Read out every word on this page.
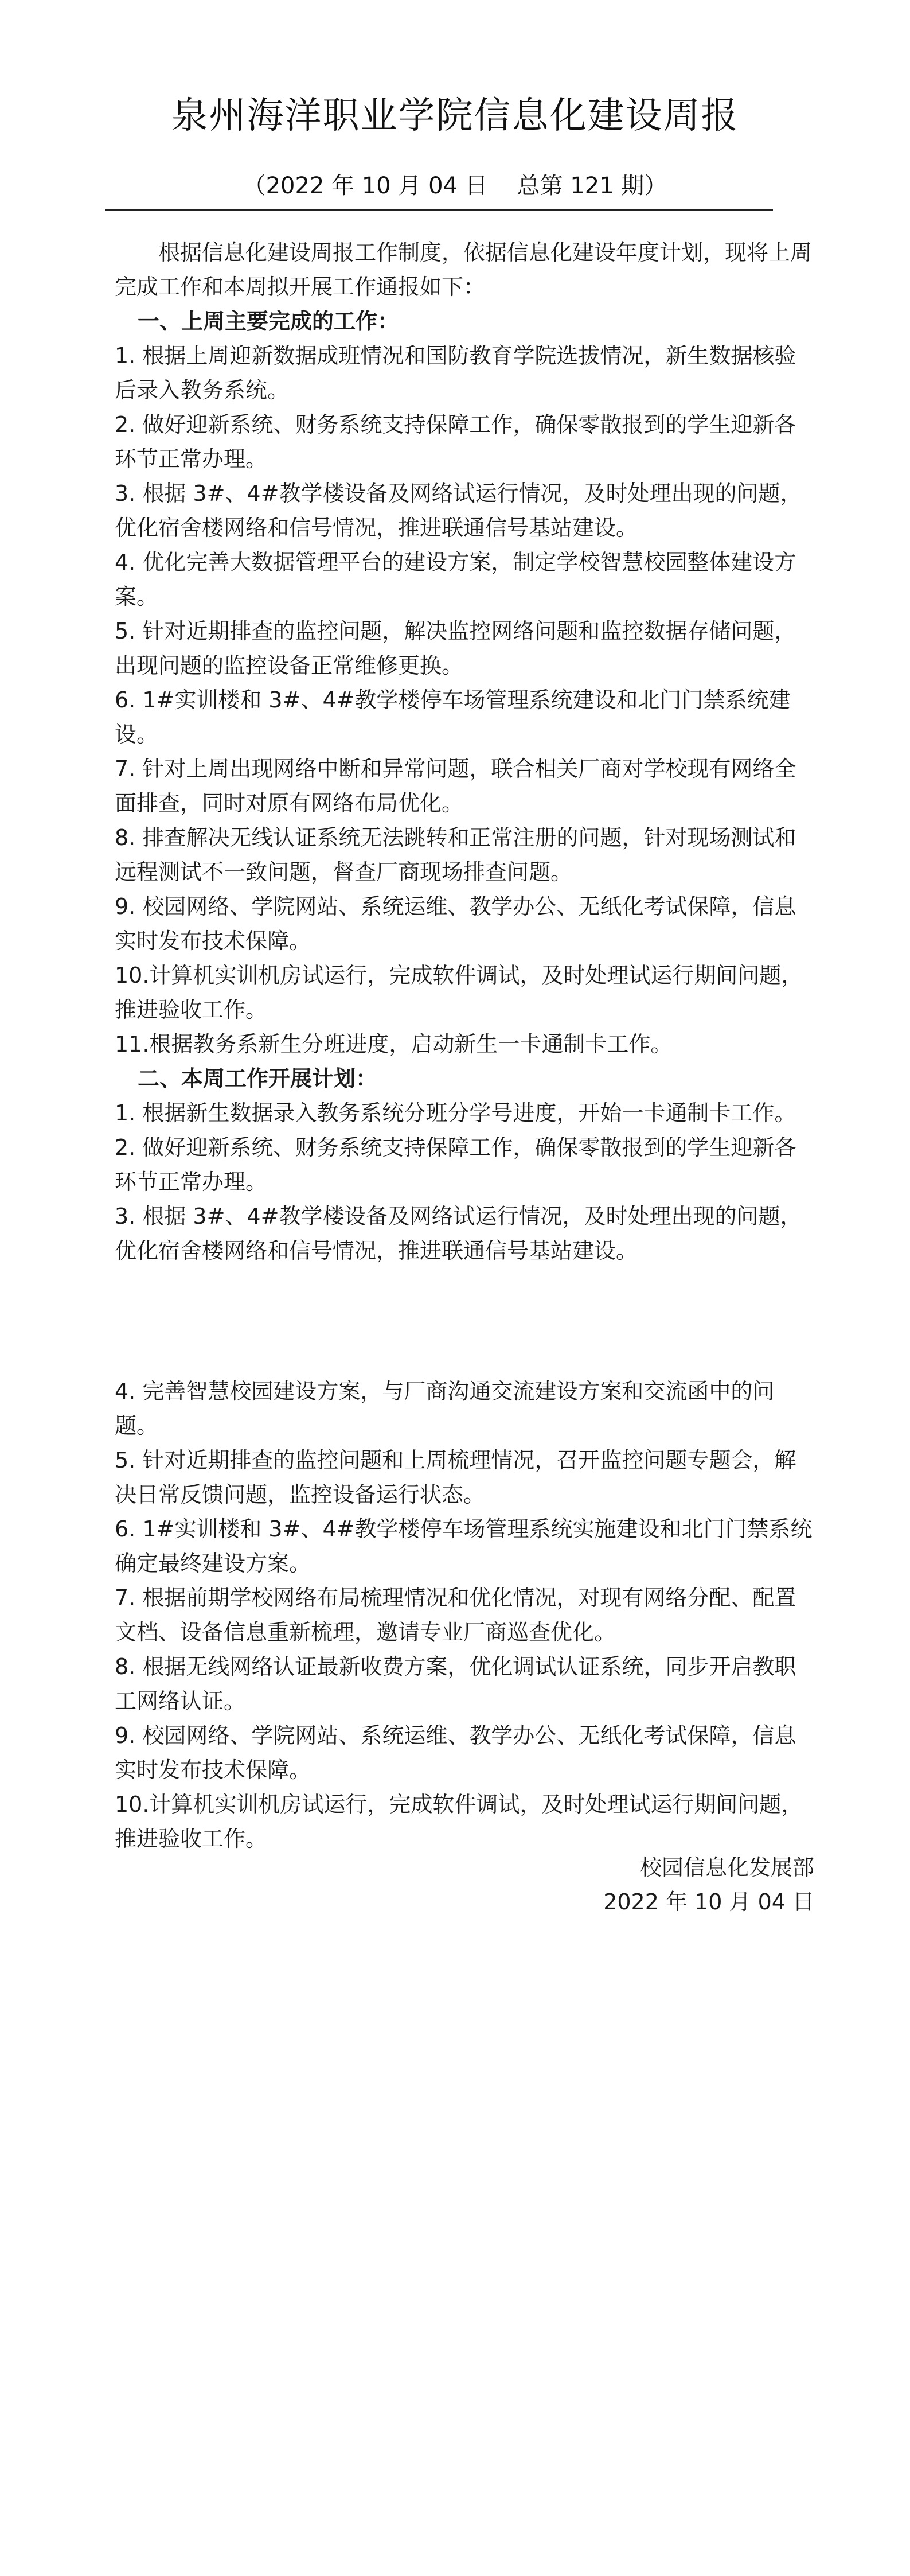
泉州海洋职业学院信息化建设周报
（2022 年 10 月 04 日    总第 121 期）

根据信息化建设周报工作制度，依据信息化建设年度计划，现将上周完成工作和本周拟开展工作通报如下：

一、上周主要完成的工作：

1. 根据上周迎新数据成班情况和国防教育学院选拔情况，新生数据核验后录入教务系统。

2. 做好迎新系统、财务系统支持保障工作，确保零散报到的学生迎新各环节正常办理。

3. 根据 3#、4#教学楼设备及网络试运行情况，及时处理出现的问题，优化宿舍楼网络和信号情况，推进联通信号基站建设。

4. 优化完善大数据管理平台的建设方案，制定学校智慧校园整体建设方案。

5. 针对近期排查的监控问题，解决监控网络问题和监控数据存储问题，出现问题的监控设备正常维修更换。

6. 1#实训楼和 3#、4#教学楼停车场管理系统建设和北门门禁系统建设。

7. 针对上周出现网络中断和异常问题，联合相关厂商对学校现有网络全面排查，同时对原有网络布局优化。

8. 排查解决无线认证系统无法跳转和正常注册的问题，针对现场测试和远程测试不一致问题，督查厂商现场排查问题。

9. 校园网络、学院网站、系统运维、教学办公、无纸化考试保障，信息实时发布技术保障。

10.计算机实训机房试运行，完成软件调试，及时处理试运行期间问题，推进验收工作。

11.根据教务系新生分班进度，启动新生一卡通制卡工作。

二、本周工作开展计划：

1. 根据新生数据录入教务系统分班分学号进度，开始一卡通制卡工作。

2. 做好迎新系统、财务系统支持保障工作，确保零散报到的学生迎新各环节正常办理。

3. 根据 3#、4#教学楼设备及网络试运行情况，及时处理出现的问题，优化宿舍楼网络和信号情况，推进联通信号基站建设。

4. 完善智慧校园建设方案，与厂商沟通交流建设方案和交流函中的问题。

5. 针对近期排查的监控问题和上周梳理情况，召开监控问题专题会，解决日常反馈问题，监控设备运行状态。

6. 1#实训楼和 3#、4#教学楼停车场管理系统实施建设和北门门禁系统确定最终建设方案。

7. 根据前期学校网络布局梳理情况和优化情况，对现有网络分配、配置文档、设备信息重新梳理，邀请专业厂商巡查优化。

8. 根据无线网络认证最新收费方案，优化调试认证系统，同步开启教职工网络认证。

9. 校园网络、学院网站、系统运维、教学办公、无纸化考试保障，信息实时发布技术保障。

10.计算机实训机房试运行，完成软件调试，及时处理试运行期间问题，推进验收工作。

校园信息化发展部

2022 年 10 月 04 日
